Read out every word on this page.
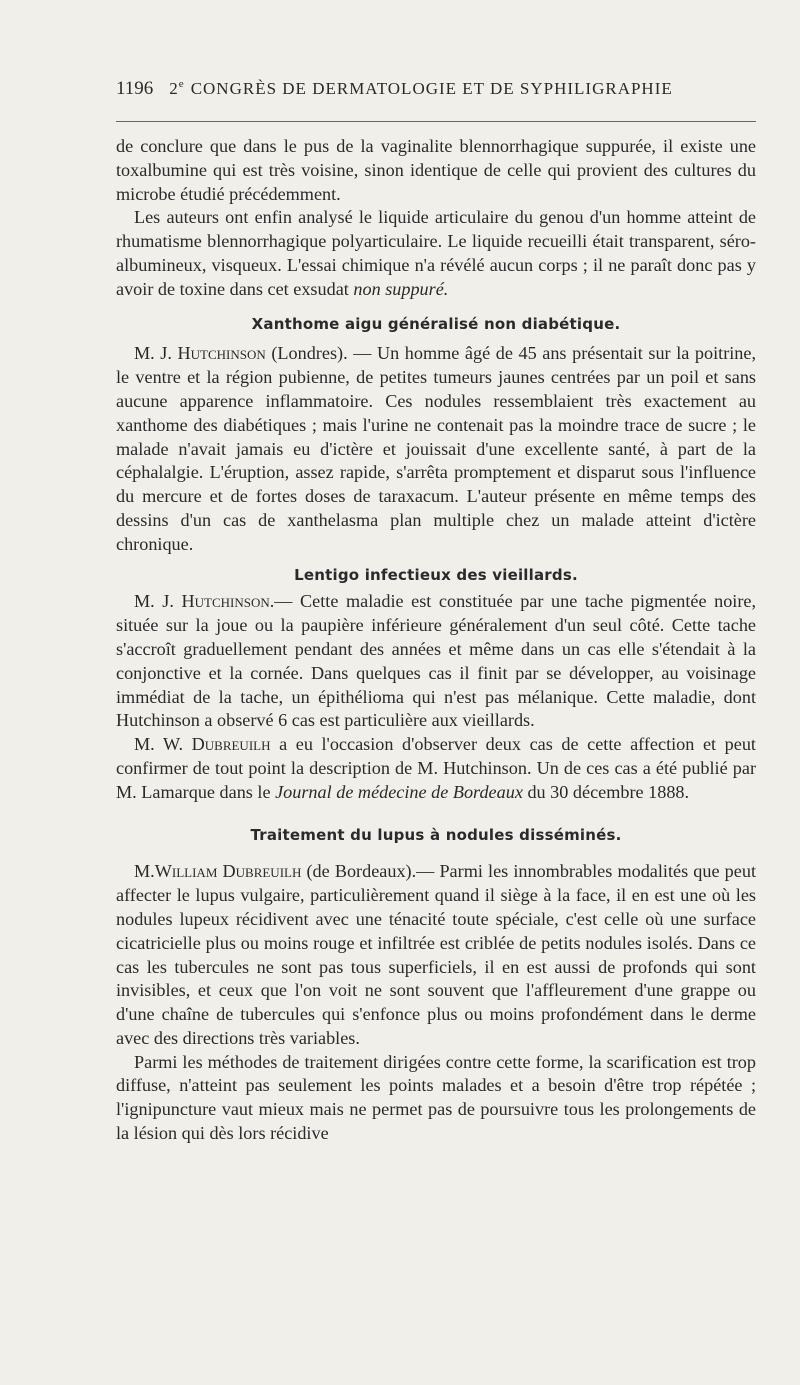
1196 2e CONGRÈS DE DERMATOLOGIE ET DE SYPHILIGRAPHIE

de conclure que dans le pus de la vaginalite blennorrhagique suppurée, il existe une toxalbumine qui est très voisine, sinon identique de celle qui provient des cultures du microbe étudié précédemment.

Les auteurs ont enfin analysé le liquide articulaire du genou d'un homme atteint de rhumatisme blennorrhagique polyarticulaire. Le liquide recueilli était transparent, séro-albumineux, visqueux. L'essai chimique n'a révélé aucun corps ; il ne paraît donc pas y avoir de toxine dans cet exsudat non suppuré.

Xanthome aigu généralisé non diabétique.

M. J. Hutchinson (Londres). — Un homme âgé de 45 ans présentait sur la poitrine, le ventre et la région pubienne, de petites tumeurs jaunes centrées par un poil et sans aucune apparence inflammatoire. Ces nodules ressemblaient très exactement au xanthome des diabétiques ; mais l'urine ne contenait pas la moindre trace de sucre ; le malade n'avait jamais eu d'ictère et jouissait d'une excellente santé, à part de la céphalalgie. L'éruption, assez rapide, s'arrêta promptement et disparut sous l'influence du mercure et de fortes doses de taraxacum. L'auteur présente en même temps des dessins d'un cas de xanthelasma plan multiple chez un malade atteint d'ictère chronique.

Lentigo infectieux des vieillards.

M. J. Hutchinson.— Cette maladie est constituée par une tache pigmentée noire, située sur la joue ou la paupière inférieure généralement d'un seul côté. Cette tache s'accroît graduellement pendant des années et même dans un cas elle s'étendait à la conjonctive et la cornée. Dans quelques cas il finit par se développer, au voisinage immédiat de la tache, un épithélioma qui n'est pas mélanique. Cette maladie, dont Hutchinson a observé 6 cas est particulière aux vieillards.

M. W. Dubreuilh a eu l'occasion d'observer deux cas de cette affection et peut confirmer de tout point la description de M. Hutchinson. Un de ces cas a été publié par M. Lamarque dans le Journal de médecine de Bordeaux du 30 décembre 1888.

Traitement du lupus à nodules disséminés.

M.William Dubreuilh (de Bordeaux).— Parmi les innombrables modalités que peut affecter le lupus vulgaire, particulièrement quand il siège à la face, il en est une où les nodules lupeux récidivent avec une ténacité toute spéciale, c'est celle où une surface cicatricielle plus ou moins rouge et infiltrée est criblée de petits nodules isolés. Dans ce cas les tubercules ne sont pas tous superficiels, il en est aussi de profonds qui sont invisibles, et ceux que l'on voit ne sont souvent que l'affleurement d'une grappe ou d'une chaîne de tubercules qui s'enfonce plus ou moins profondément dans le derme avec des directions très variables.

Parmi les méthodes de traitement dirigées contre cette forme, la scarification est trop diffuse, n'atteint pas seulement les points malades et a besoin d'être trop répétée ; l'ignipuncture vaut mieux mais ne permet pas de poursuivre tous les prolongements de la lésion qui dès lors récidive
